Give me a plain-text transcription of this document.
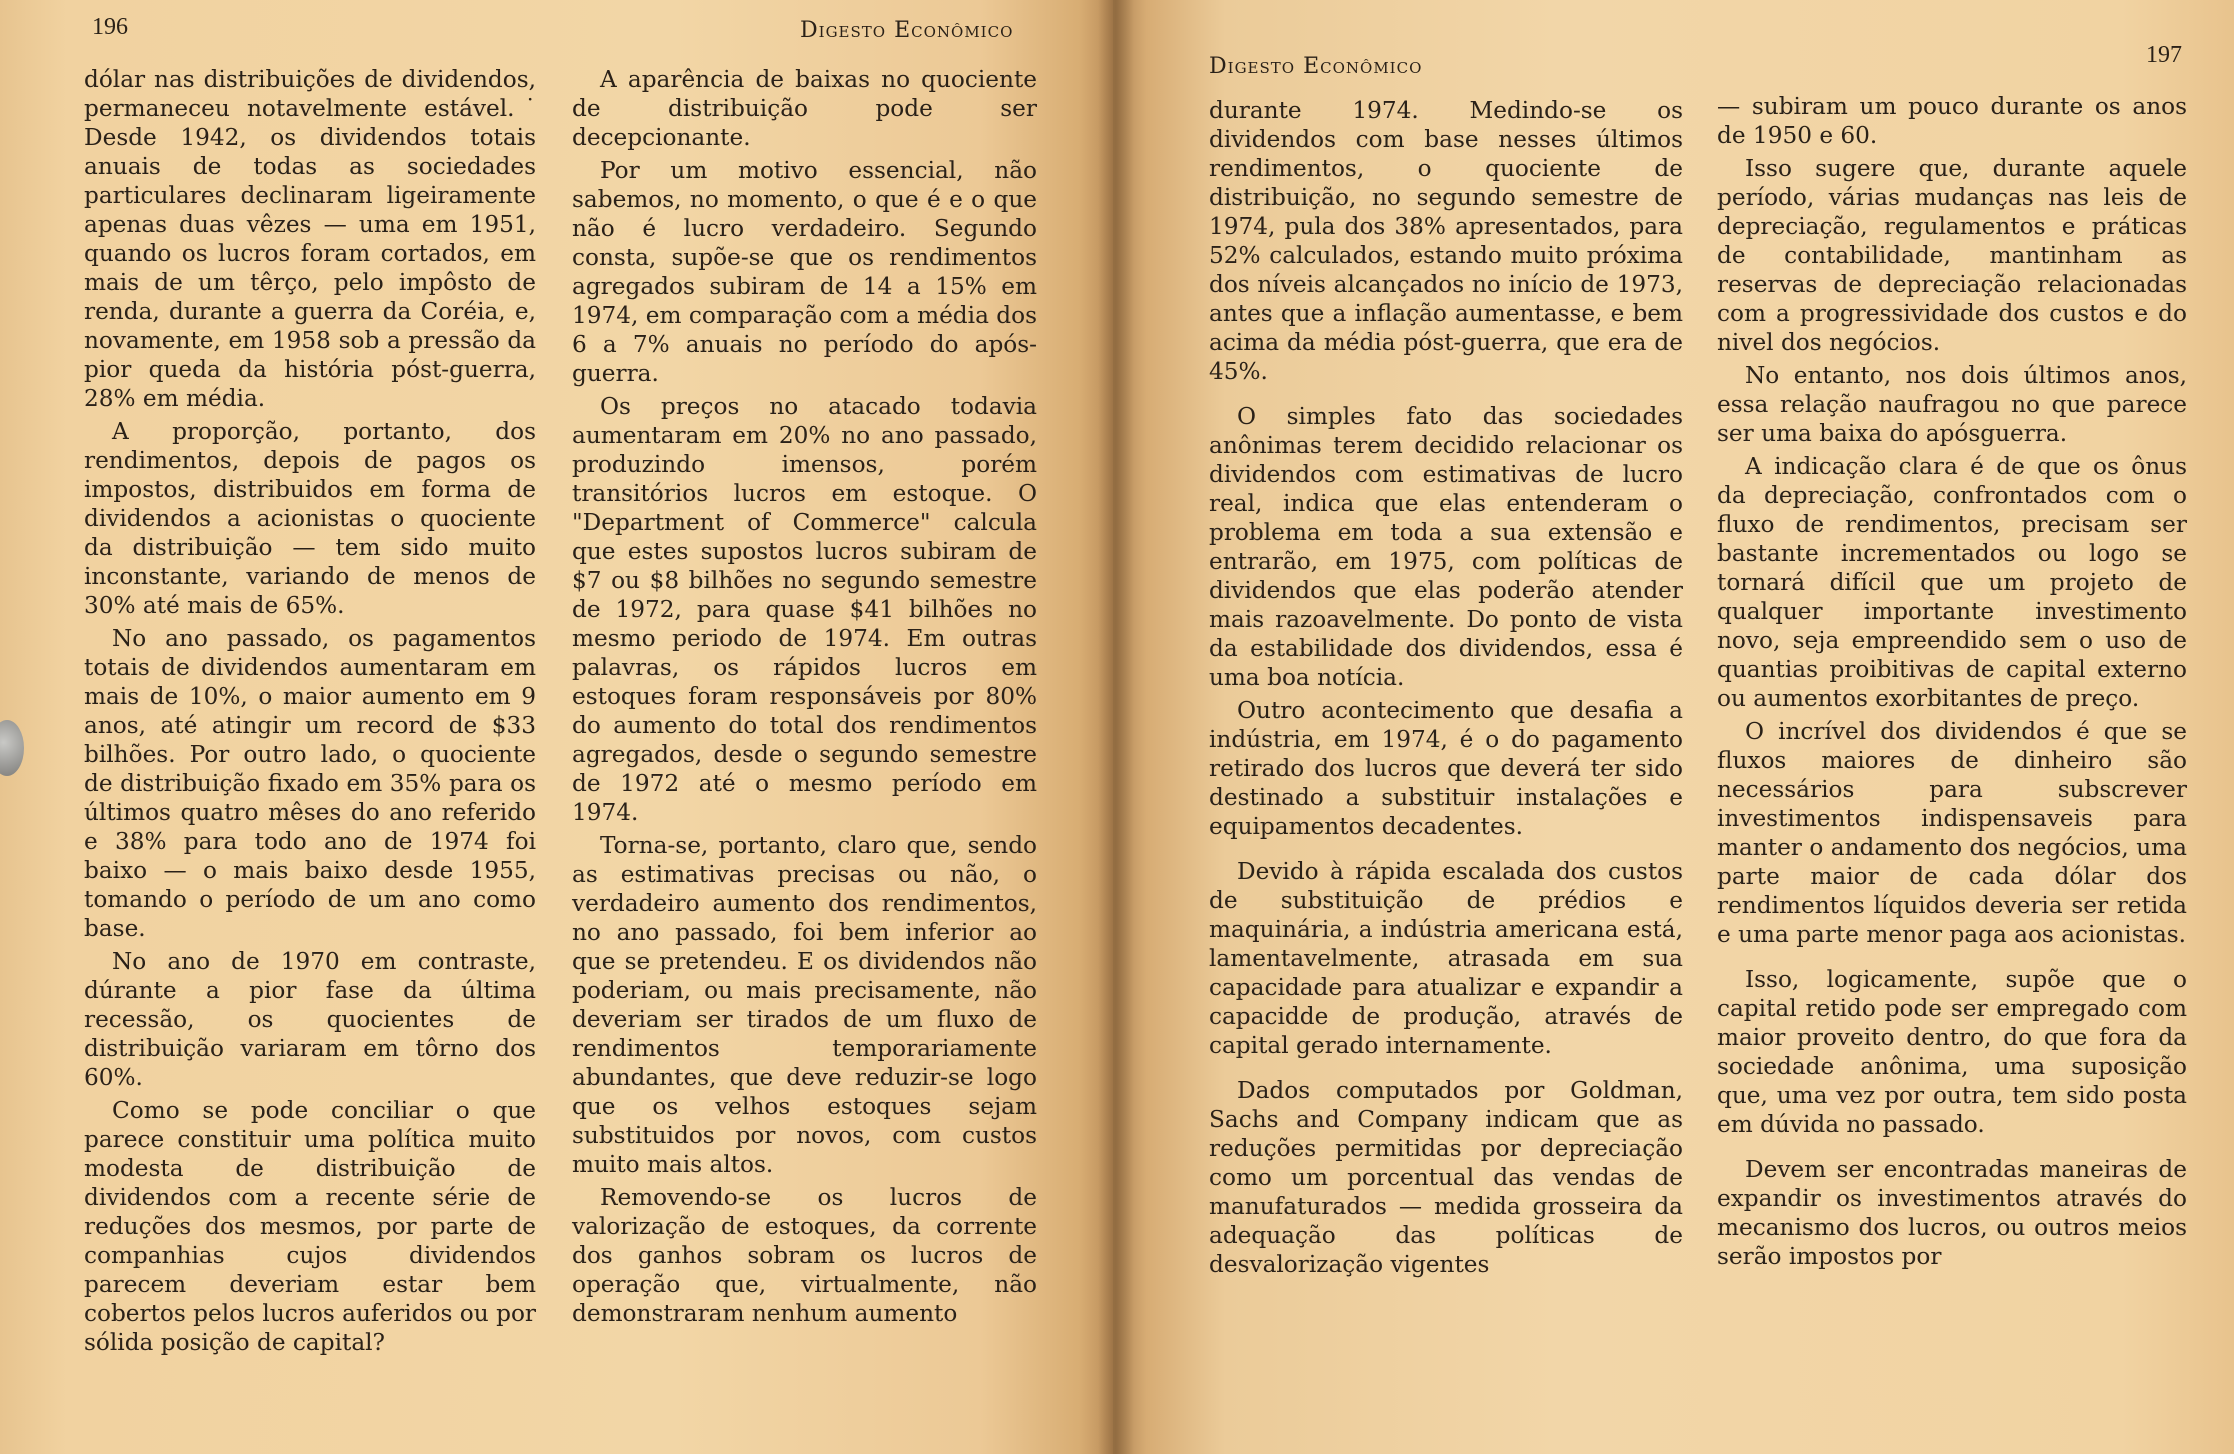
196	Digesto Econômico

dólar nas distribuições de dividendos, permaneceu notavelmente estável.˙ Desde 1942, os dividendos totais anuais de todas as sociedades particulares declinaram ligeiramente apenas duas vêzes — uma em 1951, quando os lucros foram cortados, em mais de um têrço, pelo impôsto de renda, durante a guerra da Coréia, e, novamente, em 1958 sob a pressão da pior queda da história póst-guerra, 28% em média.

A proporção, portanto, dos rendimentos, depois de pagos os impostos, distribuidos em forma de dividendos a acionistas o quociente da distribuição — tem sido muito inconstante, variando de menos de 30% até mais de 65%.

No ano passado, os pagamentos totais de dividendos aumentaram em mais de 10%, o maior aumento em 9 anos, até atingir um record de $33 bilhões. Por outro lado, o quociente de distribuição fixado em 35% para os últimos quatro mêses do ano referido e 38% para todo ano de 1974 foi baixo — o mais baixo desde 1955, tomando o período de um ano como base.

No ano de 1970 em contraste, dúrante a pior fase da última recessão, os quocientes de distribuição variaram em tôrno dos 60%.

Como se pode conciliar o que parece constituir uma política muito modesta de distribuição de dividendos com a recente série de reduções dos mesmos, por parte de companhias cujos dividendos parecem deveriam estar bem cobertos pelos lucros auferidos ou por sólida posição de capital?

A aparência de baixas no quociente de distribuição pode ser decepcionante.

Por um motivo essencial, não sabemos, no momento, o que é e o que não é lucro verdadeiro. Segundo consta, supõe-se que os rendimentos agregados subiram de 14 a 15% em 1974, em comparação com a média dos 6 a 7% anuais no período do após-guerra.

Os preços no atacado todavia aumentaram em 20% no ano passado, produzindo imensos, porém transitórios lucros em estoque. O "Department of Commerce" calcula que estes supostos lucros subiram de $7 ou $8 bilhões no segundo semestre de 1972, para quase $41 bilhões no mesmo periodo de 1974. Em outras palavras, os rápidos lucros em estoques foram responsáveis por 80% do aumento do total dos rendimentos agregados, desde o segundo semestre de 1972 até o mesmo período em 1974.

Torna-se, portanto, claro que, sendo as estimativas precisas ou não, o verdadeiro aumento dos rendimentos, no ano passado, foi bem inferior ao que se pretendeu. E os dividendos não poderiam, ou mais precisamente, não deveriam ser tirados de um fluxo de rendimentos temporariamente abundantes, que deve reduzir-se logo que os velhos estoques sejam substituidos por novos, com custos muito mais altos.

Removendo-se os lucros de valorização de estoques, da corrente dos ganhos sobram os lucros de operação que, virtualmente, não demonstraram nenhum aumento

Digesto Econômico	197

durante 1974. Medindo-se os dividendos com base nesses últimos rendimentos, o quociente de distribuição, no segundo semestre de 1974, pula dos 38% apresentados, para 52% calculados, estando muito próxima dos níveis alcançados no início de 1973, antes que a inflação aumentasse, e bem acima da média póst-guerra, que era de 45%.

O simples fato das sociedades anônimas terem decidido relacionar os dividendos com estimativas de lucro real, indica que elas entenderam o problema em toda a sua extensão e entrarão, em 1975, com políticas de dividendos que elas poderão atender mais razoavelmente. Do ponto de vista da estabilidade dos dividendos, essa é uma boa notícia.

Outro acontecimento que desafia a indústria, em 1974, é o do pagamento retirado dos lucros que deverá ter sido destinado a substituir instalações e equipamentos decadentes.

Devido à rápida escalada dos custos de substituição de prédios e maquinária, a indústria americana está, lamentavelmente, atrasada em sua capacidade para atualizar e expandir a capacidde de produção, através de capital gerado internamente.

Dados computados por Goldman, Sachs and Company indicam que as reduções permitidas por depreciação como um porcentual das vendas de manufaturados — medida grosseira da adequação das políticas de desvalorização vigentes

— subiram um pouco durante os anos de 1950 e 60.

Isso sugere que, durante aquele período, várias mudanças nas leis de depreciação, regulamentos e práticas de contabilidade, mantinham as reservas de depreciação relacionadas com a progressividade dos custos e do nivel dos negócios.

No entanto, nos dois últimos anos, essa relação naufragou no que parece ser uma baixa do apósguerra.

A indicação clara é de que os ônus da depreciação, confrontados com o fluxo de rendimentos, precisam ser bastante incrementados ou logo se tornará difícil que um projeto de qualquer importante investimento novo, seja empreendido sem o uso de quantias proibitivas de capital externo ou aumentos exorbitantes de preço.

O incrível dos dividendos é que se fluxos maiores de dinheiro são necessários para subscrever investimentos indispensaveis para manter o andamento dos negócios, uma parte maior de cada dólar dos rendimentos líquidos deveria ser retida e uma parte menor paga aos acionistas.

Isso, logicamente, supõe que o capital retido pode ser empregado com maior proveito dentro, do que fora da sociedade anônima, uma suposição que, uma vez por outra, tem sido posta em dúvida no passado.

Devem ser encontradas maneiras de expandir os investimentos através do mecanismo dos lucros, ou outros meios serão impostos por
